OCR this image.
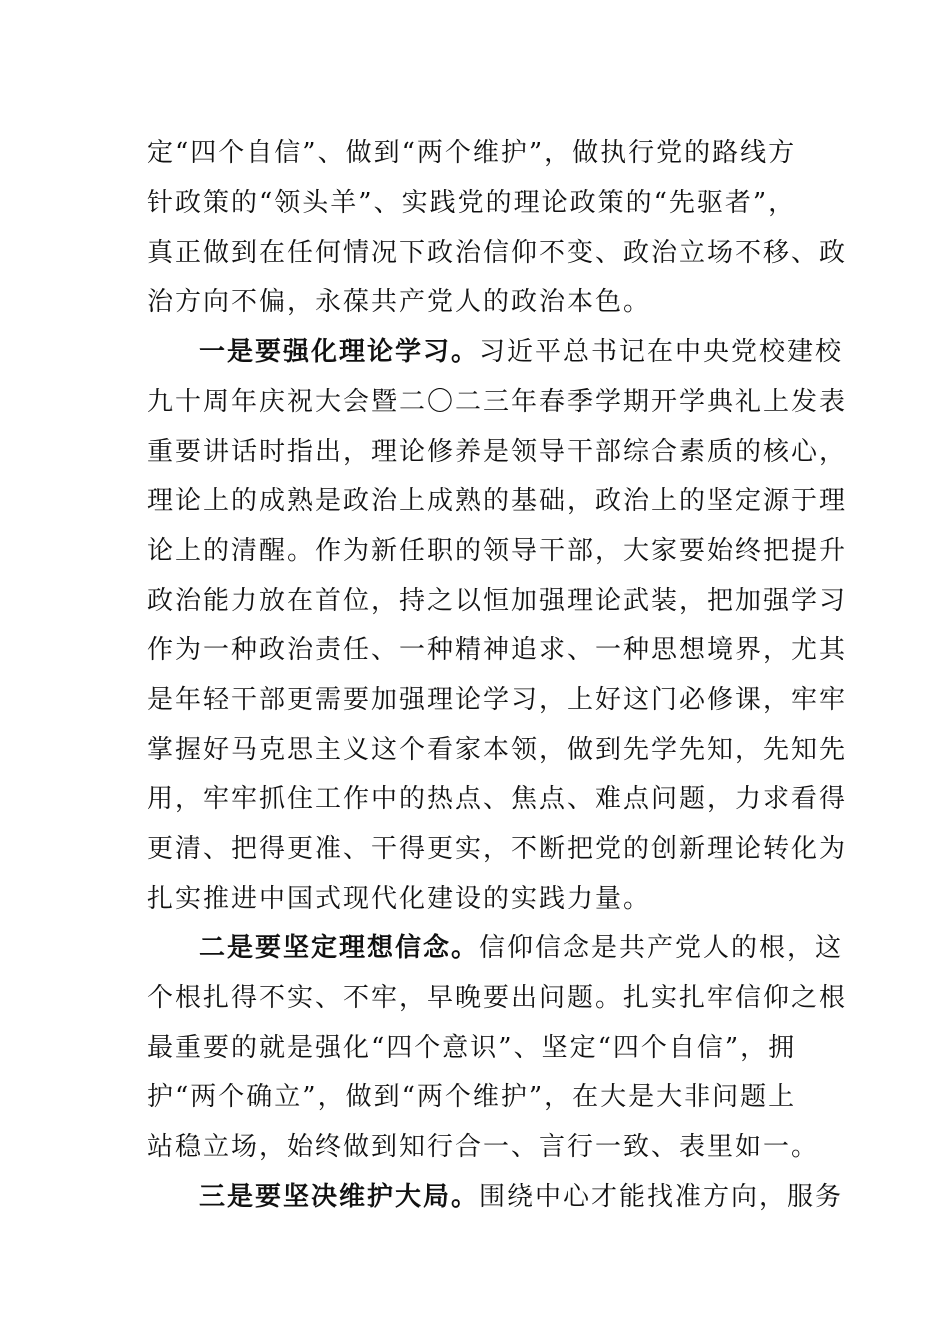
定“四个自信”、做到“两个维护”，做执行党的路线方
针政策的“领头羊”、实践党的理论政策的“先驱者”，
真正做到在任何情况下政治信仰不变、政治立场不移、政
治方向不偏，永葆共产党人的政治本色。
一是要强化理论学习。习近平总书记在中央党校建校
九十周年庆祝大会暨二〇二三年春季学期开学典礼上发表
重要讲话时指出，理论修养是领导干部综合素质的核心，
理论上的成熟是政治上成熟的基础，政治上的坚定源于理
论上的清醒。作为新任职的领导干部，大家要始终把提升
政治能力放在首位，持之以恒加强理论武装，把加强学习
作为一种政治责任、一种精神追求、一种思想境界，尤其
是年轻干部更需要加强理论学习，上好这门必修课，牢牢
掌握好马克思主义这个看家本领，做到先学先知，先知先
用，牢牢抓住工作中的热点、焦点、难点问题，力求看得
更清、把得更准、干得更实，不断把党的创新理论转化为
扎实推进中国式现代化建设的实践力量。
二是要坚定理想信念。信仰信念是共产党人的根，这
个根扎得不实、不牢，早晚要出问题。扎实扎牢信仰之根
最重要的就是强化“四个意识”、坚定“四个自信”，拥
护“两个确立”，做到“两个维护”，在大是大非问题上
站稳立场，始终做到知行合一、言行一致、表里如一。
三是要坚决维护大局。围绕中心才能找准方向，服务
